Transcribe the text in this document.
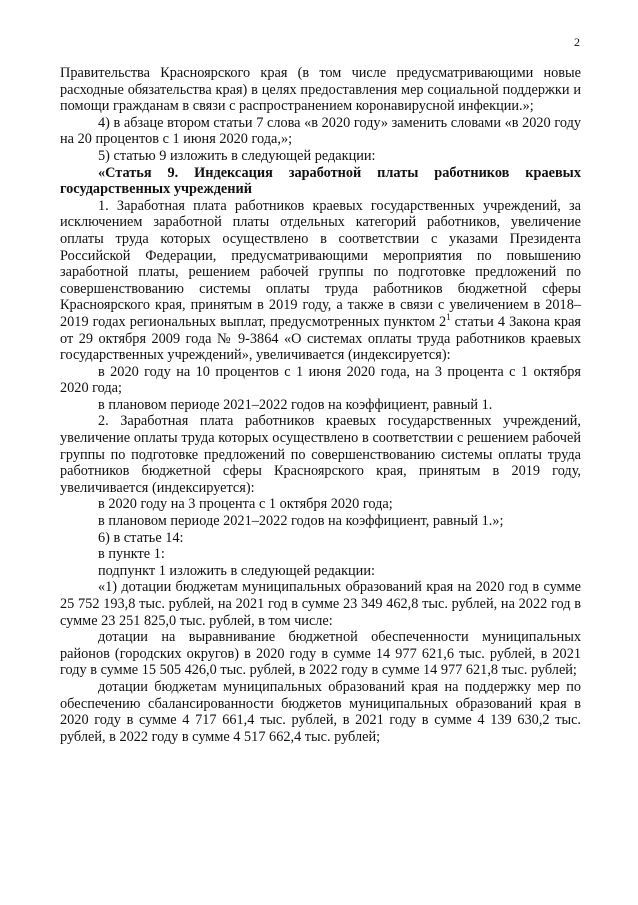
2

Правительства Красноярского края (в том числе предусматривающими новые расходные обязательства края) в целях предоставления мер социальной поддержки и помощи гражданам в связи с распространением коронавирусной инфекции.»;

4) в абзаце втором статьи 7 слова «в 2020 году» заменить словами «в 2020 году на 20 процентов с 1 июня 2020 года,»;

5) статью 9 изложить в следующей редакции:

«Статья 9. Индексация заработной платы работников краевых государственных учреждений

1. Заработная плата работников краевых государственных учреждений, за исключением заработной платы отдельных категорий работников, увеличение оплаты труда которых осуществлено в соответствии с указами Президента Российской Федерации, предусматривающими мероприятия по повышению заработной платы, решением рабочей группы по подготовке предложений по совершенствованию системы оплаты труда работников бюджетной сферы Красноярского края, принятым в 2019 году, а также в связи с увеличением в 2018–2019 годах региональных выплат, предусмотренных пунктом $2^1$ статьи 4 Закона края от 29 октября 2009 года № 9-3864 «О системах оплаты труда работников краевых государственных учреждений», увеличивается (индексируется):

в 2020 году на 10 процентов с 1 июня 2020 года, на 3 процента с 1 октября 2020 года;

в плановом периоде 2021–2022 годов на коэффициент, равный 1.

2. Заработная плата работников краевых государственных учреждений, увеличение оплаты труда которых осуществлено в соответствии с решением рабочей группы по подготовке предложений по совершенствованию системы оплаты труда работников бюджетной сферы Красноярского края, принятым в 2019 году, увеличивается (индексируется):

в 2020 году на 3 процента с 1 октября 2020 года;

в плановом периоде 2021–2022 годов на коэффициент, равный 1.»;

6) в статье 14:

в пункте 1:

подпункт 1 изложить в следующей редакции:

«1) дотации бюджетам муниципальных образований края на 2020 год в сумме 25 752 193,8 тыс. рублей, на 2021 год в сумме 23 349 462,8 тыс. рублей, на 2022 год в сумме 23 251 825,0 тыс. рублей, в том числе:

дотации на выравнивание бюджетной обеспеченности муниципальных районов (городских округов) в 2020 году в сумме 14 977 621,6 тыс. рублей, в 2021 году в сумме 15 505 426,0 тыс. рублей, в 2022 году в сумме 14 977 621,8 тыс. рублей;

дотации бюджетам муниципальных образований края на поддержку мер по обеспечению сбалансированности бюджетов муниципальных образований края в 2020 году в сумме 4 717 661,4 тыс. рублей, в 2021 году в сумме 4 139 630,2 тыс. рублей, в 2022 году в сумме 4 517 662,4 тыс. рублей;
